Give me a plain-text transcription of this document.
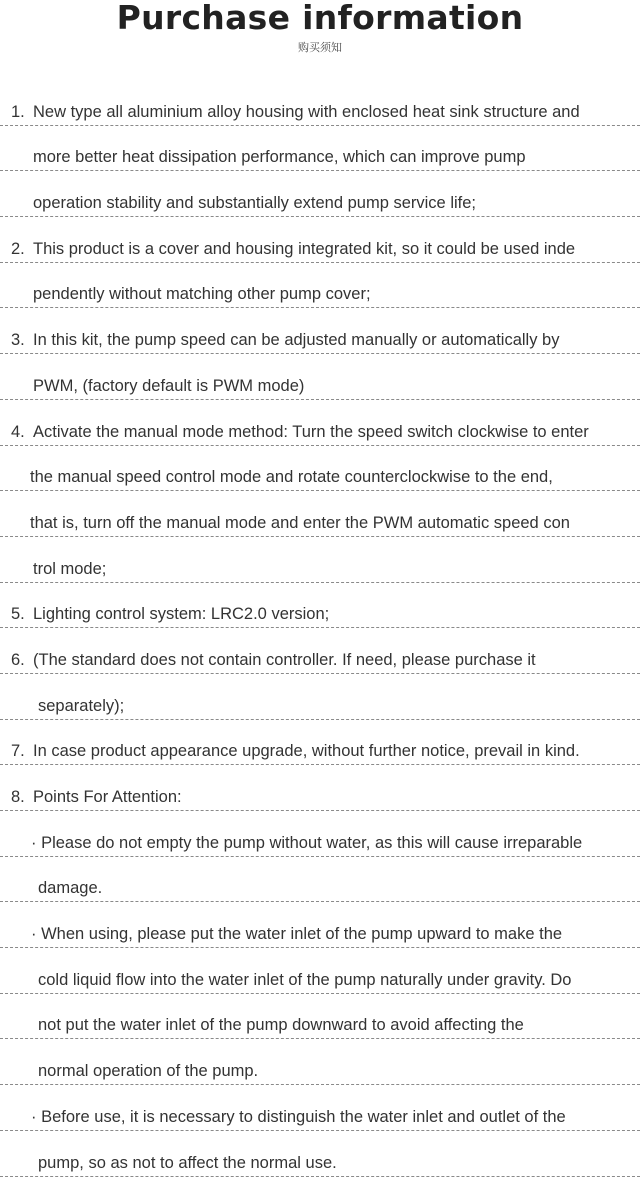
Purchase information
购买须知
1. New type all aluminium alloy housing with enclosed heat sink structure and
more better heat dissipation performance, which can improve pump
operation stability and substantially extend pump service life;
2. This product is a cover and housing integrated kit, so it could be used inde
pendently without matching other pump cover;
3. In this kit, the pump speed can be adjusted manually or automatically by
PWM, (factory default is PWM mode)
4. Activate the manual mode method: Turn the speed switch clockwise to enter
the manual speed control mode and rotate counterclockwise to the end,
that is, turn off the manual mode and enter the PWM automatic speed con
trol mode;
5. Lighting control system: LRC2.0 version;
6. (The standard does not contain controller. If need, please purchase it
separately);
7. In case product appearance upgrade, without further notice, prevail in kind.
8. Points For Attention:
· Please do not empty the pump without water, as this will cause irreparable
damage.
· When using, please put the water inlet of the pump upward to make the
cold liquid flow into the water inlet of the pump naturally under gravity. Do
not put the water inlet of the pump downward to avoid affecting the
normal operation of the pump.
· Before use, it is necessary to distinguish the water inlet and outlet of the
pump, so as not to affect the normal use.
